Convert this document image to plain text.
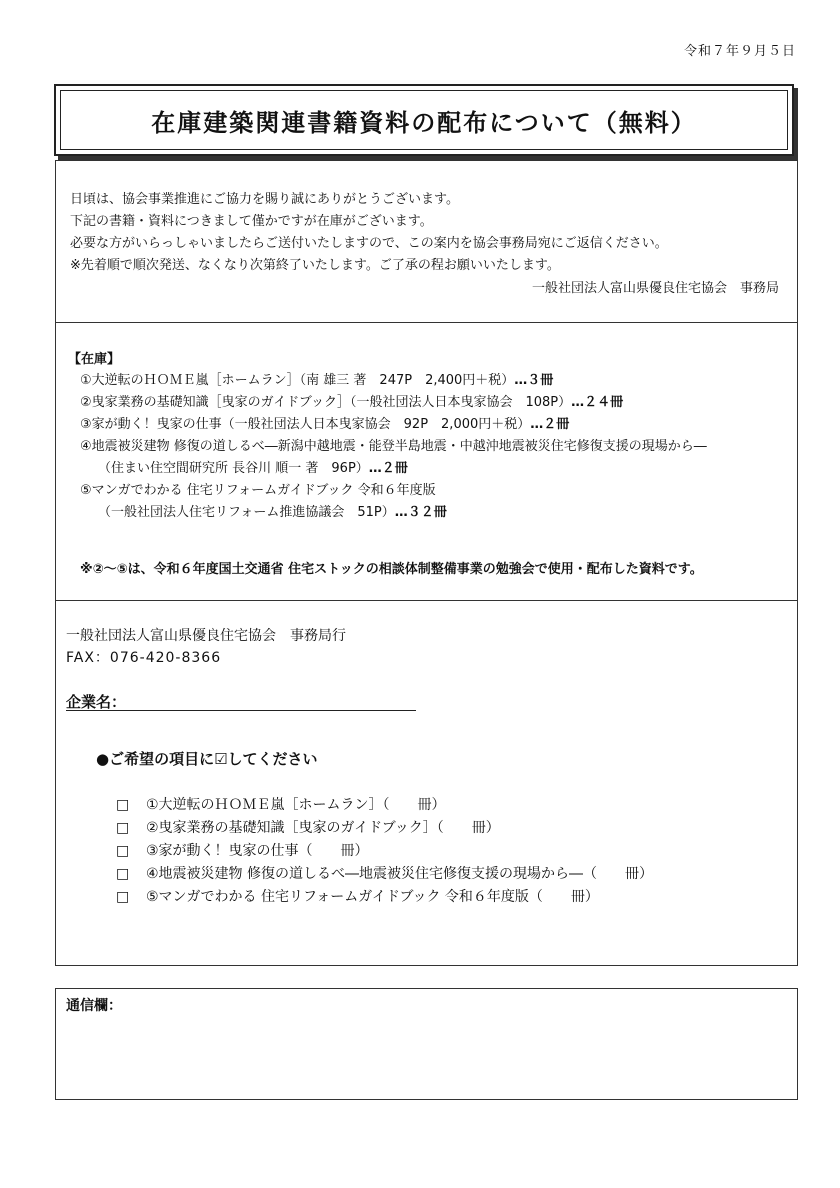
令和７年９月５日
在庫建築関連書籍資料の配布について（無料）
日頃は、協会事業推進にご協力を賜り誠にありがとうございます。
下記の書籍・資料につきまして僅かですが在庫がございます。
必要な方がいらっしゃいましたらご送付いたしますので、この案内を協会事務局宛にご返信ください。
※先着順で順次発送、なくなり次第終了いたします。ご了承の程お願いいたします。
一般社団法人富山県優良住宅協会　事務局
【在庫】
①大逆転のＨＯＭＥ嵐［ホームラン］（南 雄三 著　247P　2,400円＋税）…３冊
②曳家業務の基礎知識［曳家のガイドブック］（一般社団法人日本曳家協会　108P）…２４冊
③家が動く！曳家の仕事（一般社団法人日本曳家協会　92P　2,000円＋税）…２冊
④地震被災建物 修復の道しるべ―新潟中越地震・能登半島地震・中越沖地震被災住宅修復支援の現場から―
（住まい住空間研究所 長谷川 順一 著　96P）…２冊
⑤マンガでわかる 住宅リフォームガイドブック 令和６年度版
（一般社団法人住宅リフォーム推進協議会　51P）…３２冊
※②～⑤は、令和６年度国土交通省 住宅ストックの相談体制整備事業の勉強会で使用・配布した資料です。
一般社団法人富山県優良住宅協会　事務局行
FAX：076-420-8366
企業名：
●ご希望の項目に☑してください
□	①大逆転のＨＯＭＥ嵐［ホームラン］（　　冊）
□	②曳家業務の基礎知識［曳家のガイドブック］（　　冊）
□	③家が動く！曳家の仕事（　　冊）
□	④地震被災建物 修復の道しるべ―地震被災住宅修復支援の現場から―（　　冊）
□	⑤マンガでわかる 住宅リフォームガイドブック 令和６年度版（　　冊）
通信欄：
